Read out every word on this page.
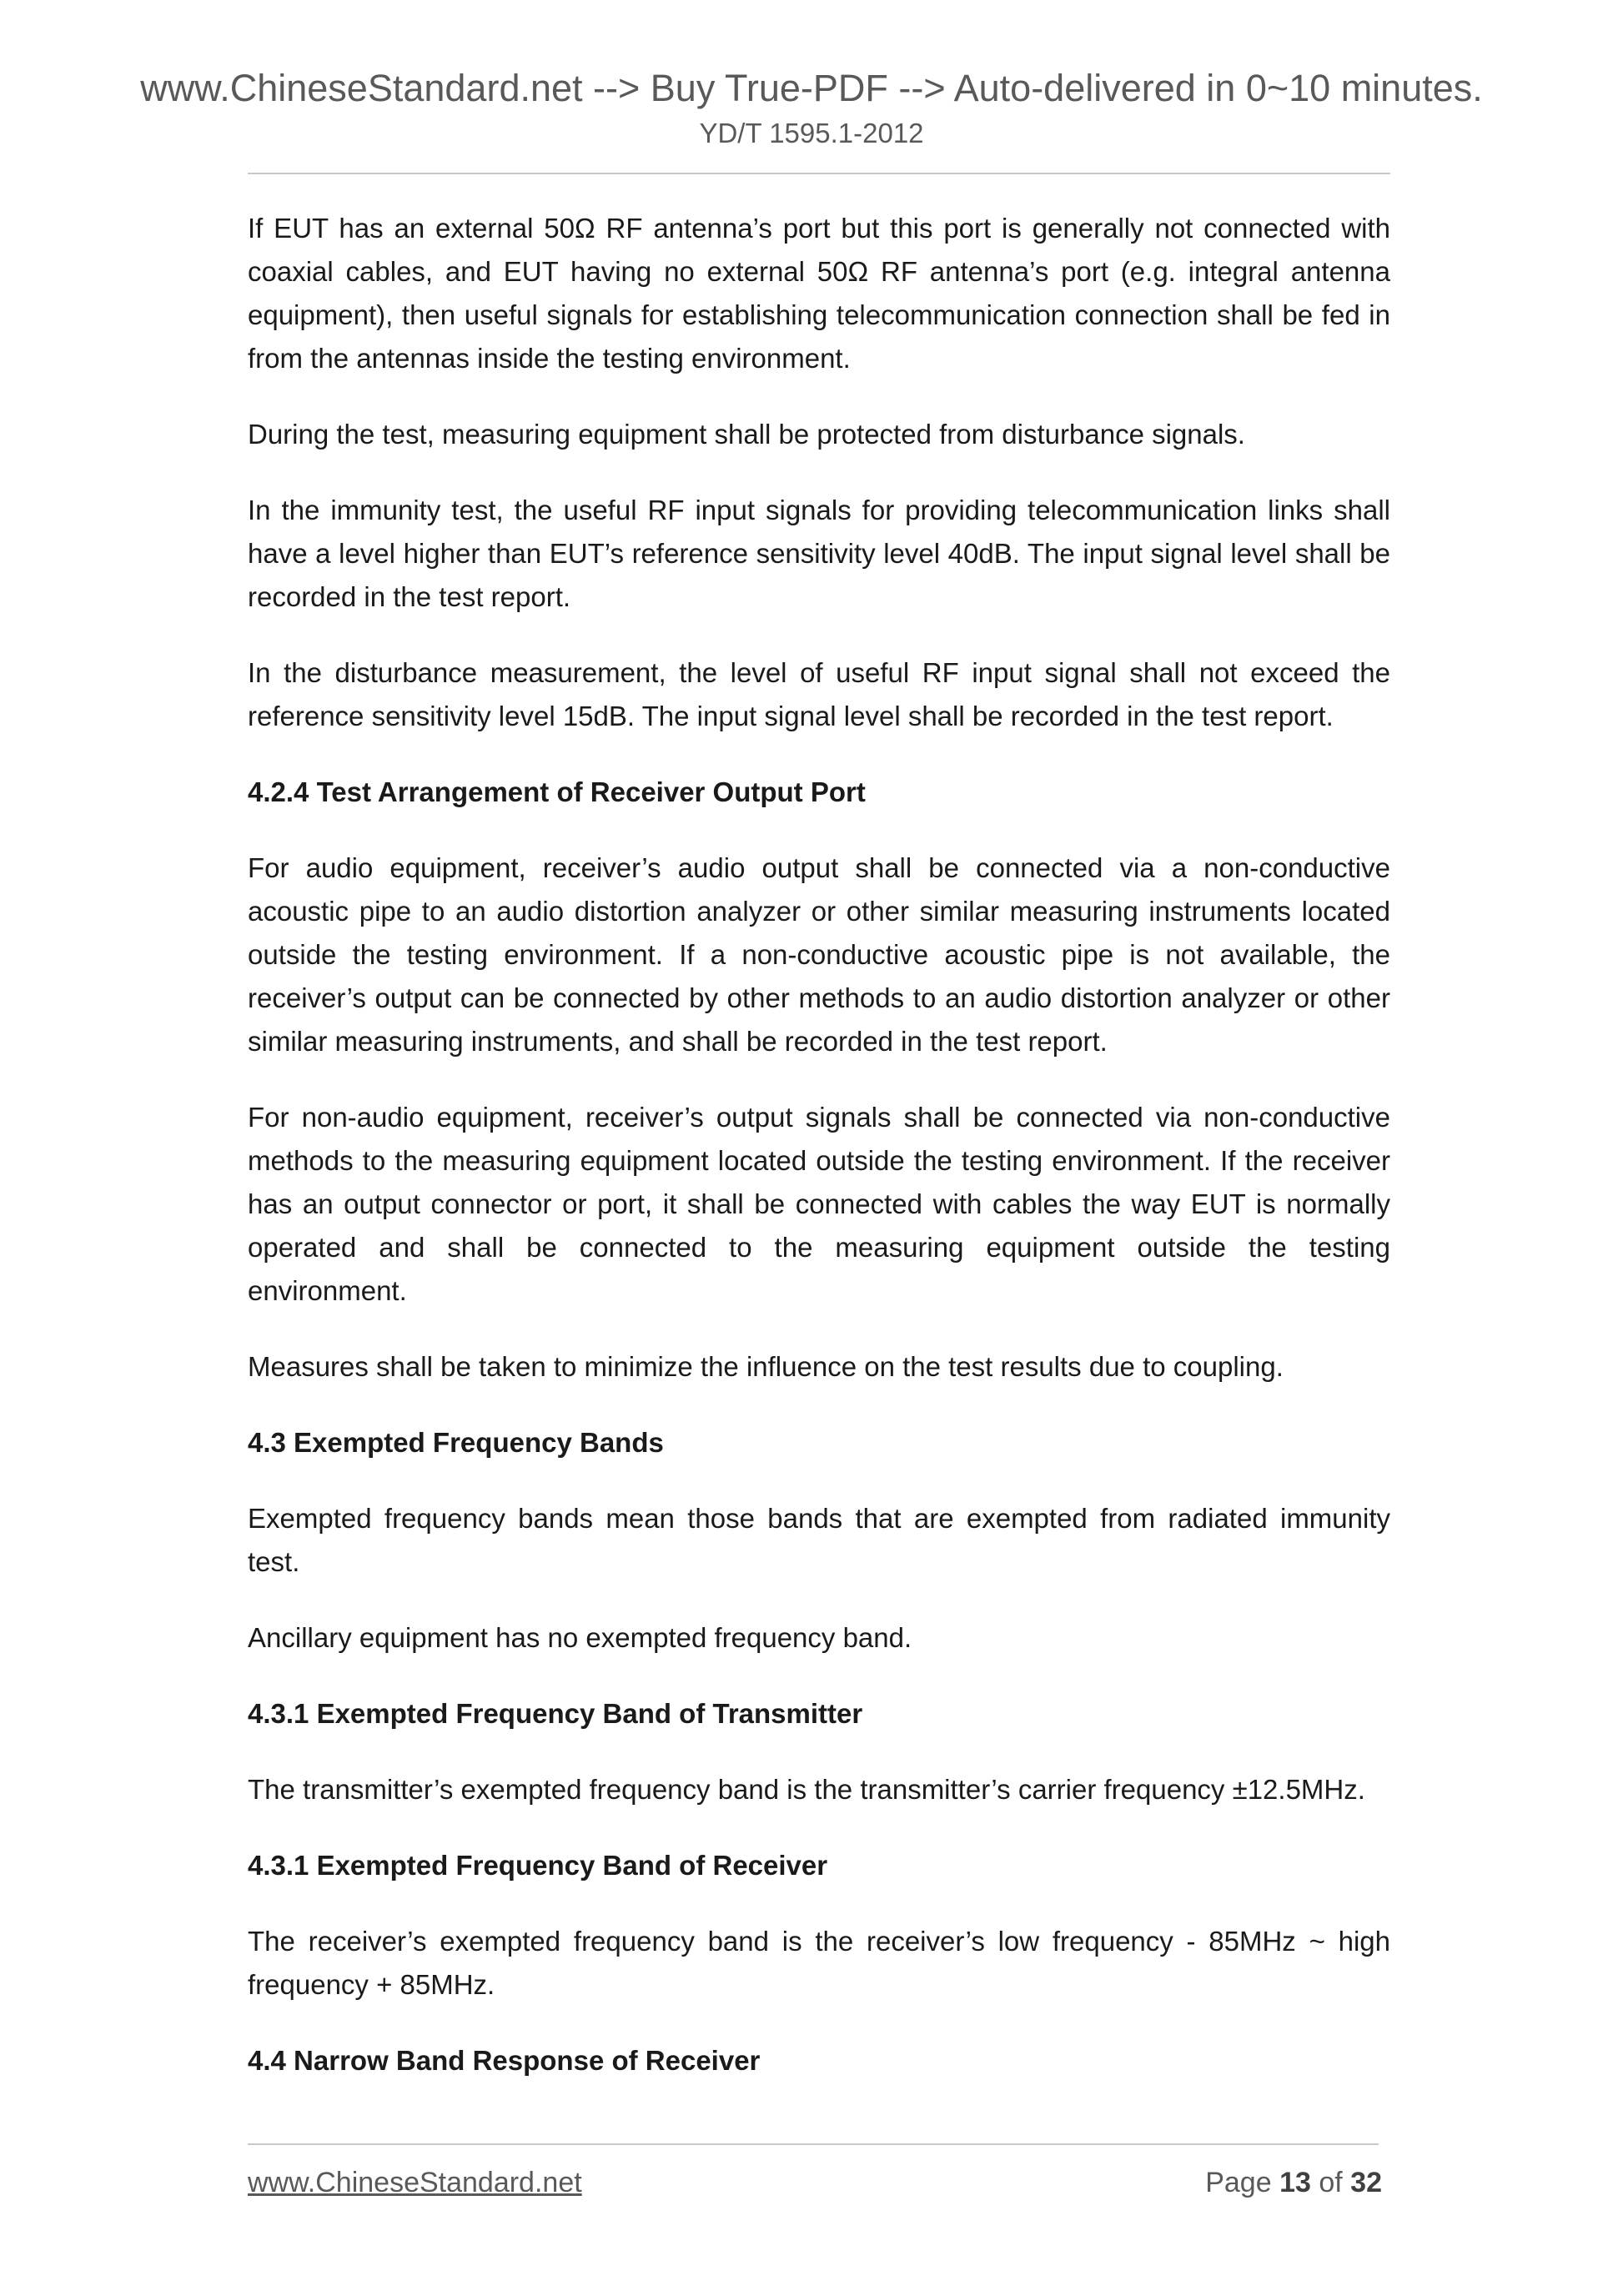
www.ChineseStandard.net --> Buy True-PDF --> Auto-delivered in 0~10 minutes.
YD/T 1595.1-2012

If EUT has an external 50Ω RF antenna’s port but this port is generally not connected with coaxial cables, and EUT having no external 50Ω RF antenna’s port (e.g. integral antenna equipment), then useful signals for establishing telecommunication connection shall be fed in from the antennas inside the testing environment.

During the test, measuring equipment shall be protected from disturbance signals.

In the immunity test, the useful RF input signals for providing telecommunication links shall have a level higher than EUT’s reference sensitivity level 40dB. The input signal level shall be recorded in the test report.

In the disturbance measurement, the level of useful RF input signal shall not exceed the reference sensitivity level 15dB. The input signal level shall be recorded in the test report.

4.2.4 Test Arrangement of Receiver Output Port

For audio equipment, receiver’s audio output shall be connected via a non-conductive acoustic pipe to an audio distortion analyzer or other similar measuring instruments located outside the testing environment. If a non-conductive acoustic pipe is not available, the receiver’s output can be connected by other methods to an audio distortion analyzer or other similar measuring instruments, and shall be recorded in the test report.

For non-audio equipment, receiver’s output signals shall be connected via non-conductive methods to the measuring equipment located outside the testing environment. If the receiver has an output connector or port, it shall be connected with cables the way EUT is normally operated and shall be connected to the measuring equipment outside the testing environment.

Measures shall be taken to minimize the influence on the test results due to coupling.

4.3 Exempted Frequency Bands

Exempted frequency bands mean those bands that are exempted from radiated immunity test.

Ancillary equipment has no exempted frequency band.

4.3.1 Exempted Frequency Band of Transmitter

The transmitter’s exempted frequency band is the transmitter’s carrier frequency ±12.5MHz.

4.3.1 Exempted Frequency Band of Receiver

The receiver’s exempted frequency band is the receiver’s low frequency - 85MHz ~ high frequency + 85MHz.

4.4 Narrow Band Response of Receiver
www.ChineseStandard.net	Page 13 of 32
